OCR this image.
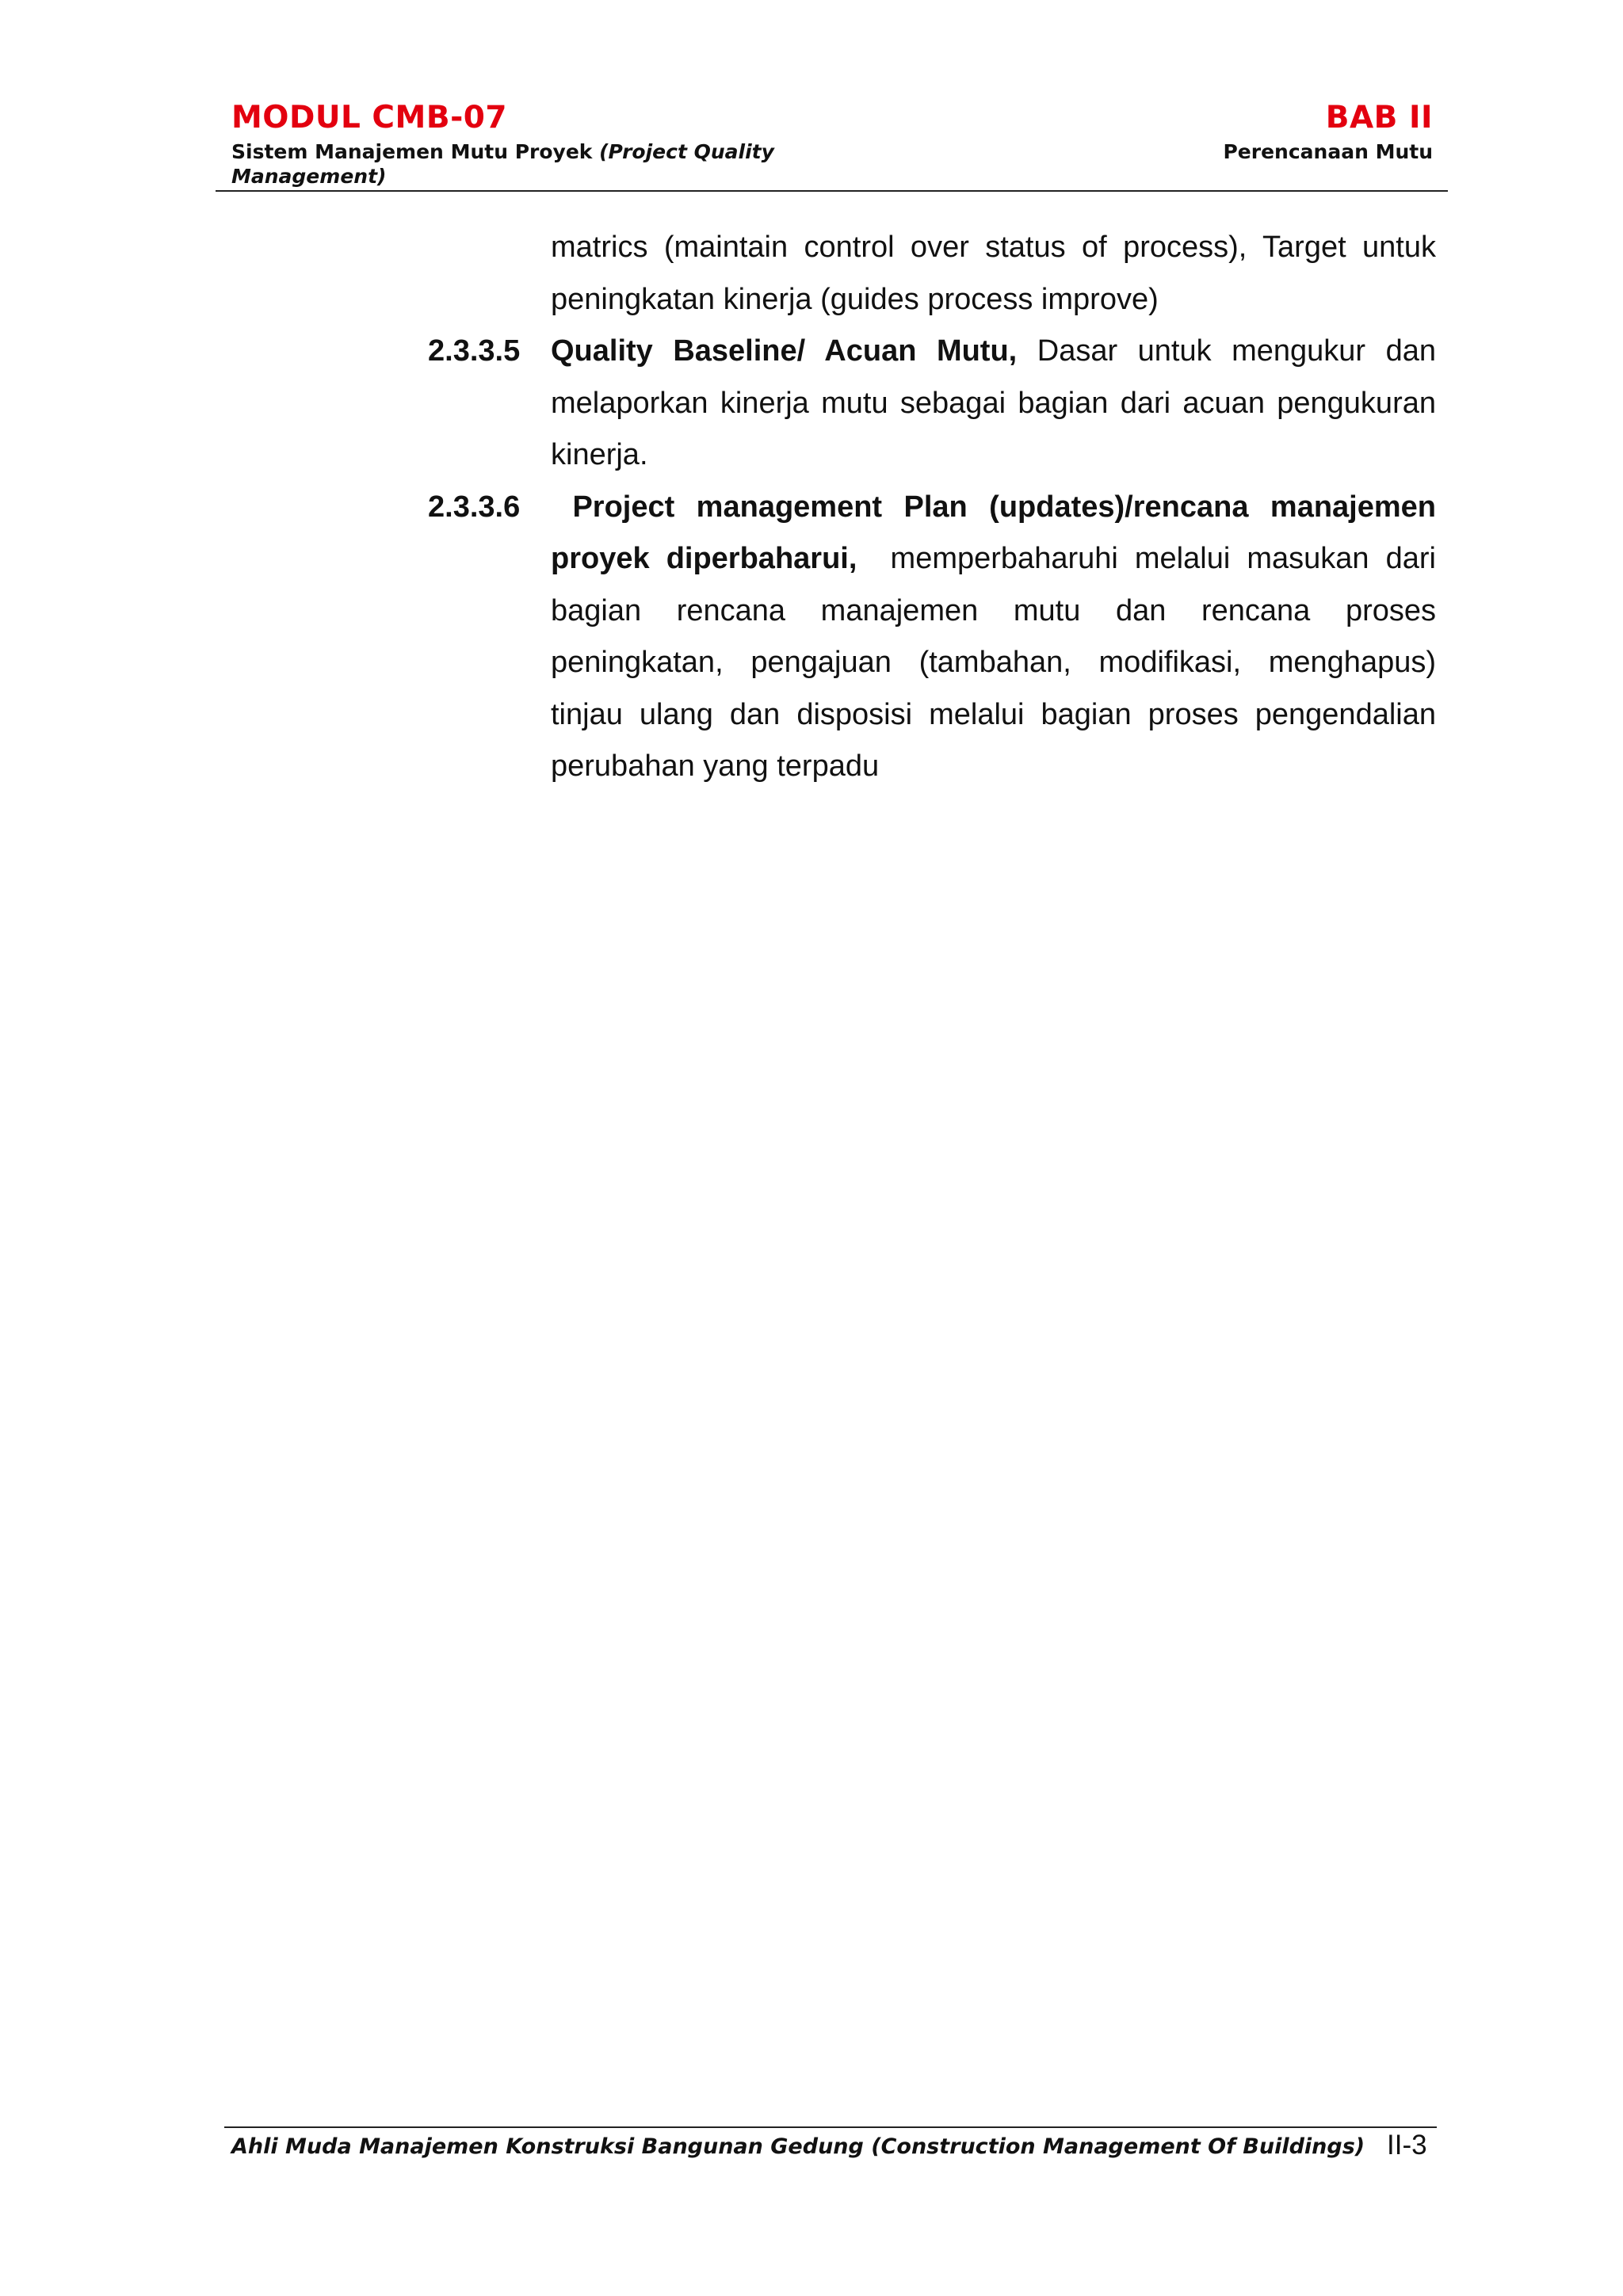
MODUL CMB-07
Sistem Manajemen Mutu Proyek (Project Quality
Management)
BAB II
Perencanaan Mutu

matrics (maintain control over status of process), Target untuk

peningkatan kinerja (guides process improve)

2.3.3.5 Quality Baseline/ Acuan Mutu, Dasar untuk mengukur dan melaporkan kinerja mutu sebagai bagian dari acuan pengukuran kinerja.

2.3.3.6 Project management Plan (updates)/rencana manajemen proyek diperbaharui,  memperbaharuhi melalui masukan dari bagian rencana manajemen mutu dan rencana proses peningkatan, pengajuan (tambahan, modifikasi, menghapus) tinjau ulang dan disposisi melalui bagian proses pengendalian perubahan yang terpadu

Ahli Muda Manajemen Konstruksi Bangunan Gedung (Construction Management Of Buildings) II-3
